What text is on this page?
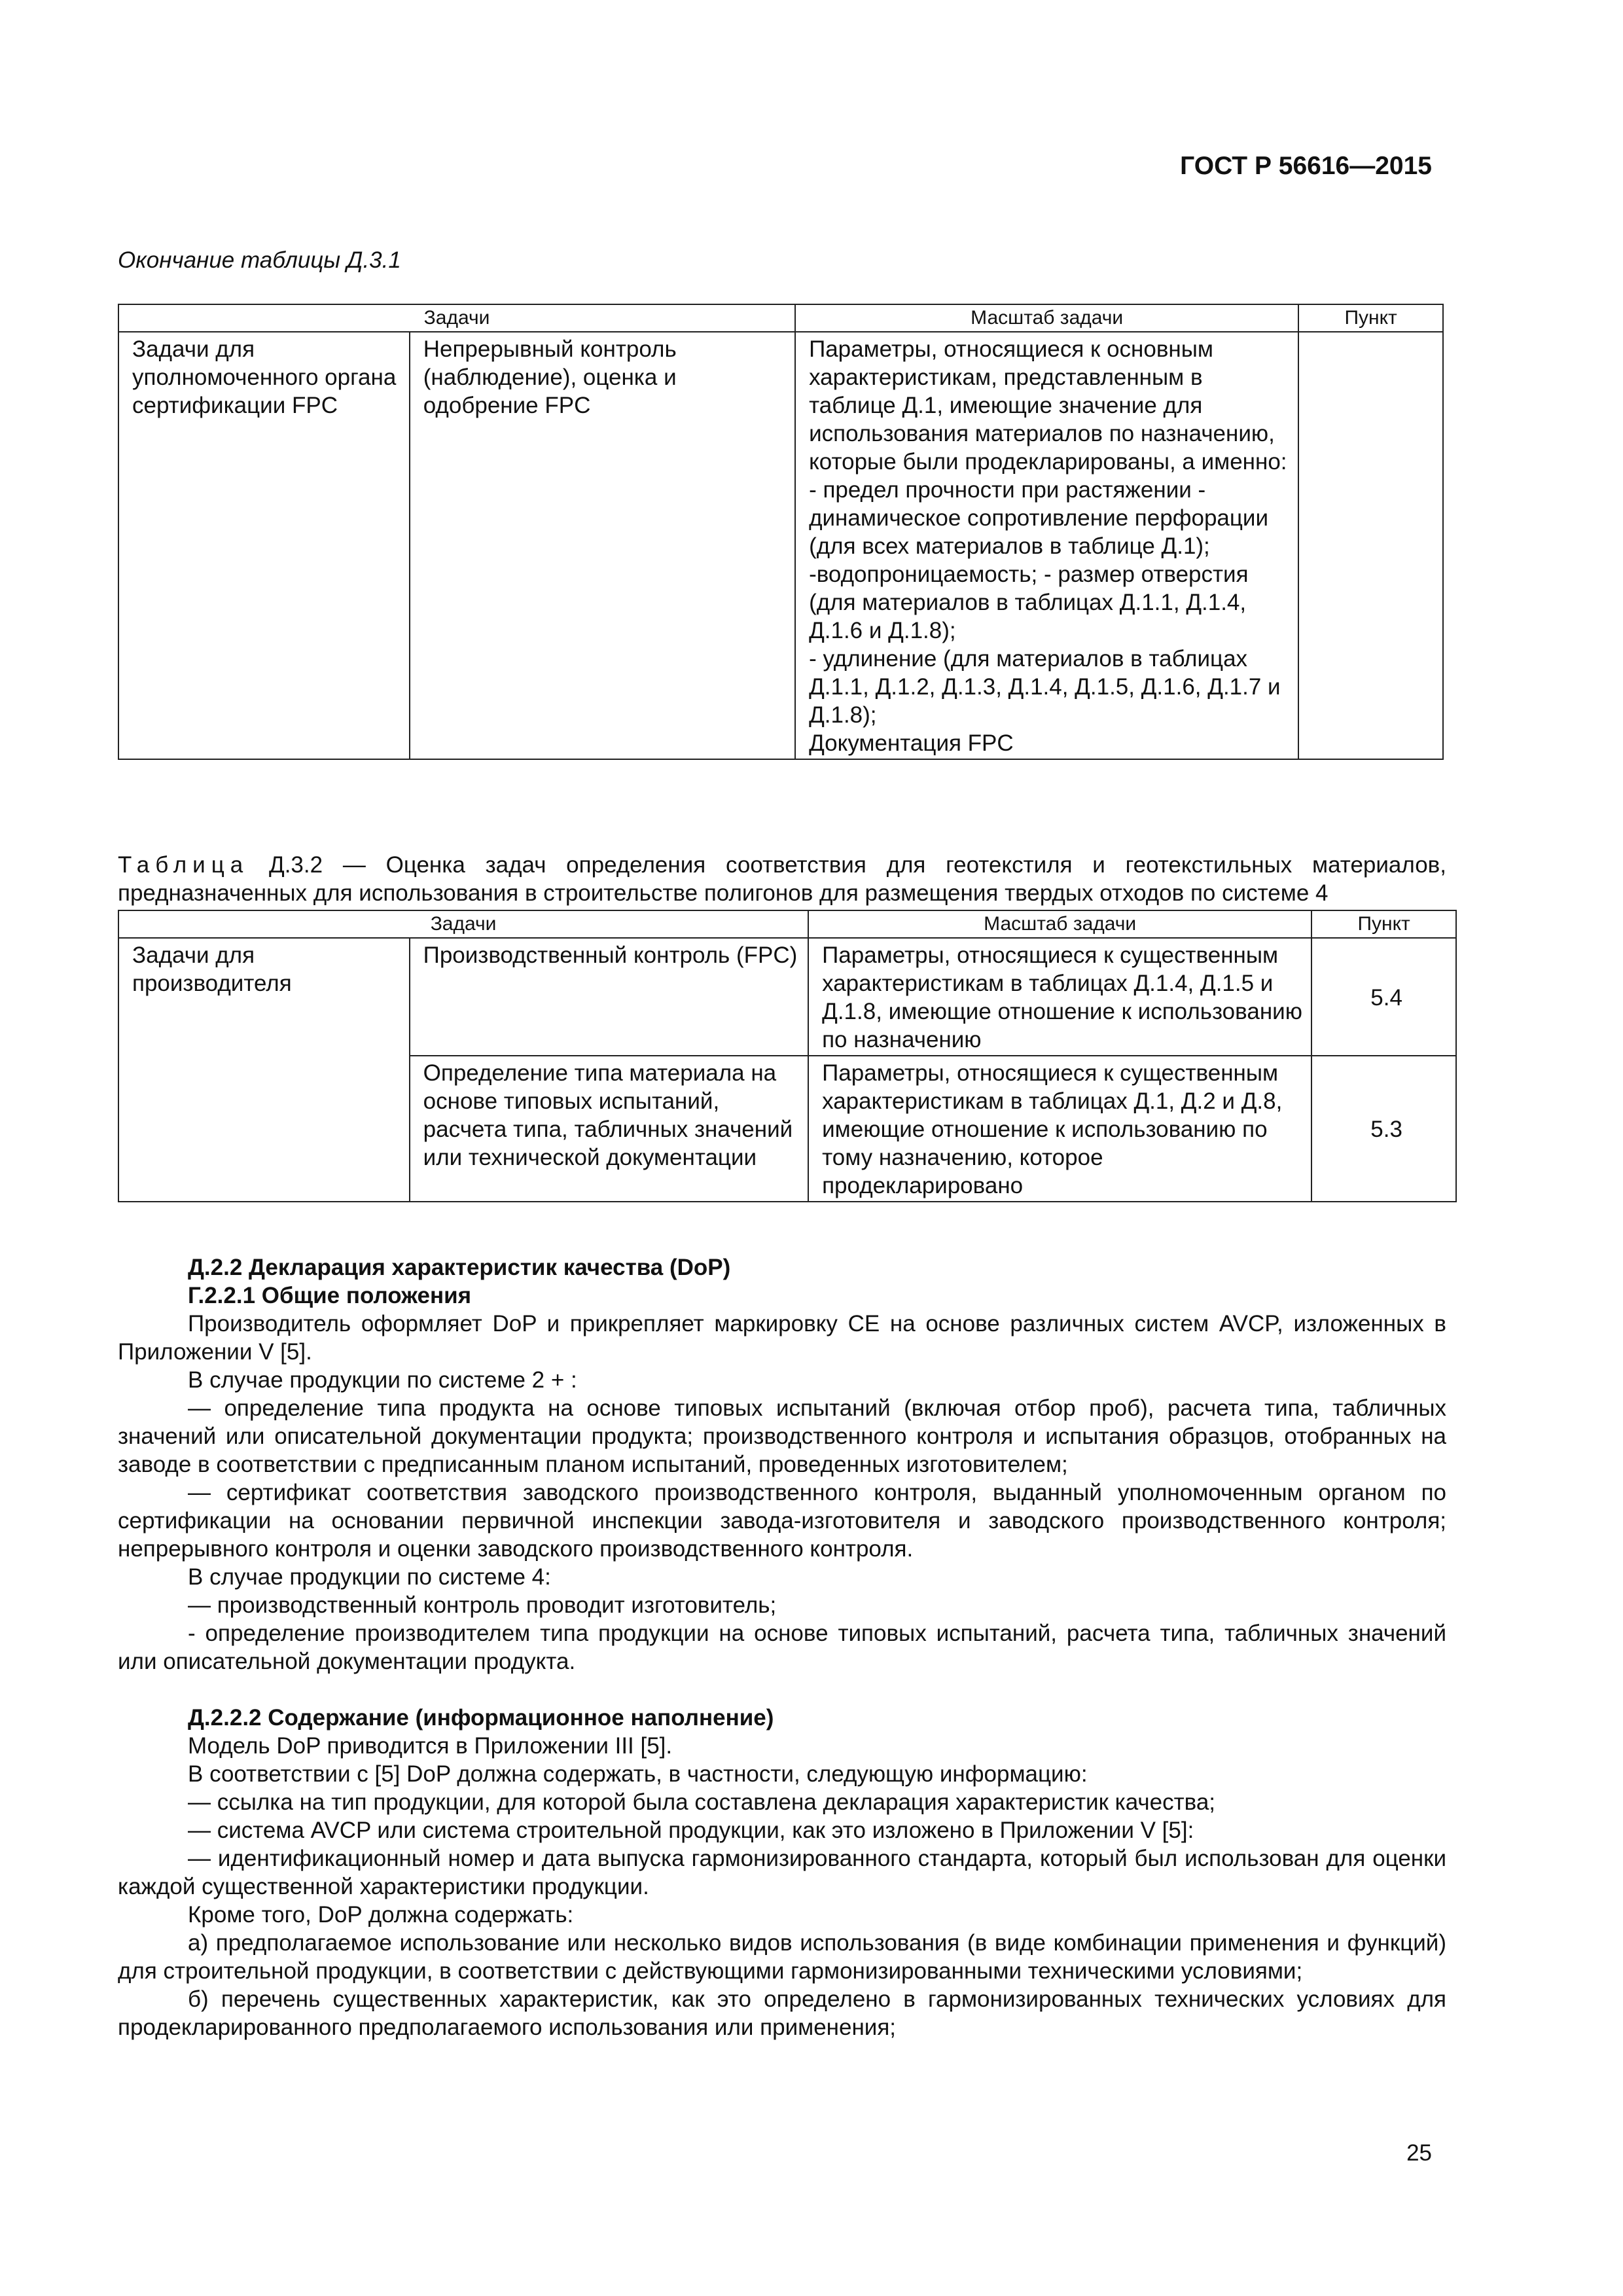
ГОСТ Р 56616—2015
Окончание таблицы Д.3.1
Задачи		Масштаб задачи	Пункт
Задачи для уполномоченного органа сертификации FPC	Непрерывный контроль (наблюдение), оценка и одобрение FPC	Параметры, относящиеся к основным характеристикам, представленным в таблице Д.1, имеющие значение для использования материалов по назначению, которые были продекларированы, а именно:
- предел прочности при растяжении - динамическое сопротивление перфорации (для всех материалов в таблице Д.1);
-водопроницаемость; - размер отверстия (для материалов в таблицах Д.1.1, Д.1.4, Д.1.6 и Д.1.8);
- удлинение (для материалов в таблицах Д.1.1, Д.1.2, Д.1.3, Д.1.4, Д.1.5, Д.1.6, Д.1.7 и Д.1.8);
Документация FPC	

Таблица Д.3.2 — Оценка задач определения соответствия для геотекстиля и геотекстильных материалов, предназначенных для использования в строительстве полигонов для размещения твердых отходов по системе 4
Задачи		Масштаб задачи	Пункт
Задачи для производителя	Производственный контроль (FPC)	Параметры, относящиеся к существенным характеристикам в таблицах Д.1.4, Д.1.5 и Д.1.8, имеющие отношение к использованию по назначению	5.4
	Определение типа материала на основе типовых испытаний, расчета типа, табличных значений или технической документации	Параметры, относящиеся к существенным характеристикам в таблицах Д.1, Д.2 и Д.8, имеющие отношение к использованию по тому назначению, которое продекларировано	5.3
Д.2.2 Декларация характеристик качества (DoP)
Г.2.2.1 Общие положения

Производитель оформляет DoP и прикрепляет маркировку CE на основе различных систем AVCP, изложенных в Приложении V [5].

В случае продукции по системе 2 + :

— определение типа продукта на основе типовых испытаний (включая отбор проб), расчета типа, табличных значений или описательной документации продукта; производственного контроля и испытания образцов, отобранных на заводе в соответствии с предписанным планом испытаний, проведенных изготовителем;

— сертификат соответствия заводского производственного контроля, выданный уполномоченным органом по сертификации на основании первичной инспекции завода-изготовителя и заводского производственного контроля; непрерывного контроля и оценки заводского производственного контроля.

В случае продукции по системе 4:

— производственный контроль проводит изготовитель;

- определение производителем типа продукции на основе типовых испытаний, расчета типа, табличных значений или описательной документации продукта.

Д.2.2.2 Содержание (информационное наполнение)

Модель DoP приводится в Приложении III [5].

В соответствии с [5] DoP должна содержать, в частности, следующую информацию:

— ссылка на тип продукции, для которой была составлена декларация характеристик качества;

— система AVCP или система строительной продукции, как это изложено в Приложении V [5]:

— идентификационный номер и дата выпуска гармонизированного стандарта, который был использован для оценки каждой существенной характеристики продукции.

Кроме того, DoP должна содержать:

а) предполагаемое использование или несколько видов использования (в виде комбинации применения и функций) для строительной продукции, в соответствии с действующими гармонизированными техническими условиями;

б) перечень существенных характеристик, как это определено в гармонизированных технических условиях для продекларированного предполагаемого использования или применения;

25
